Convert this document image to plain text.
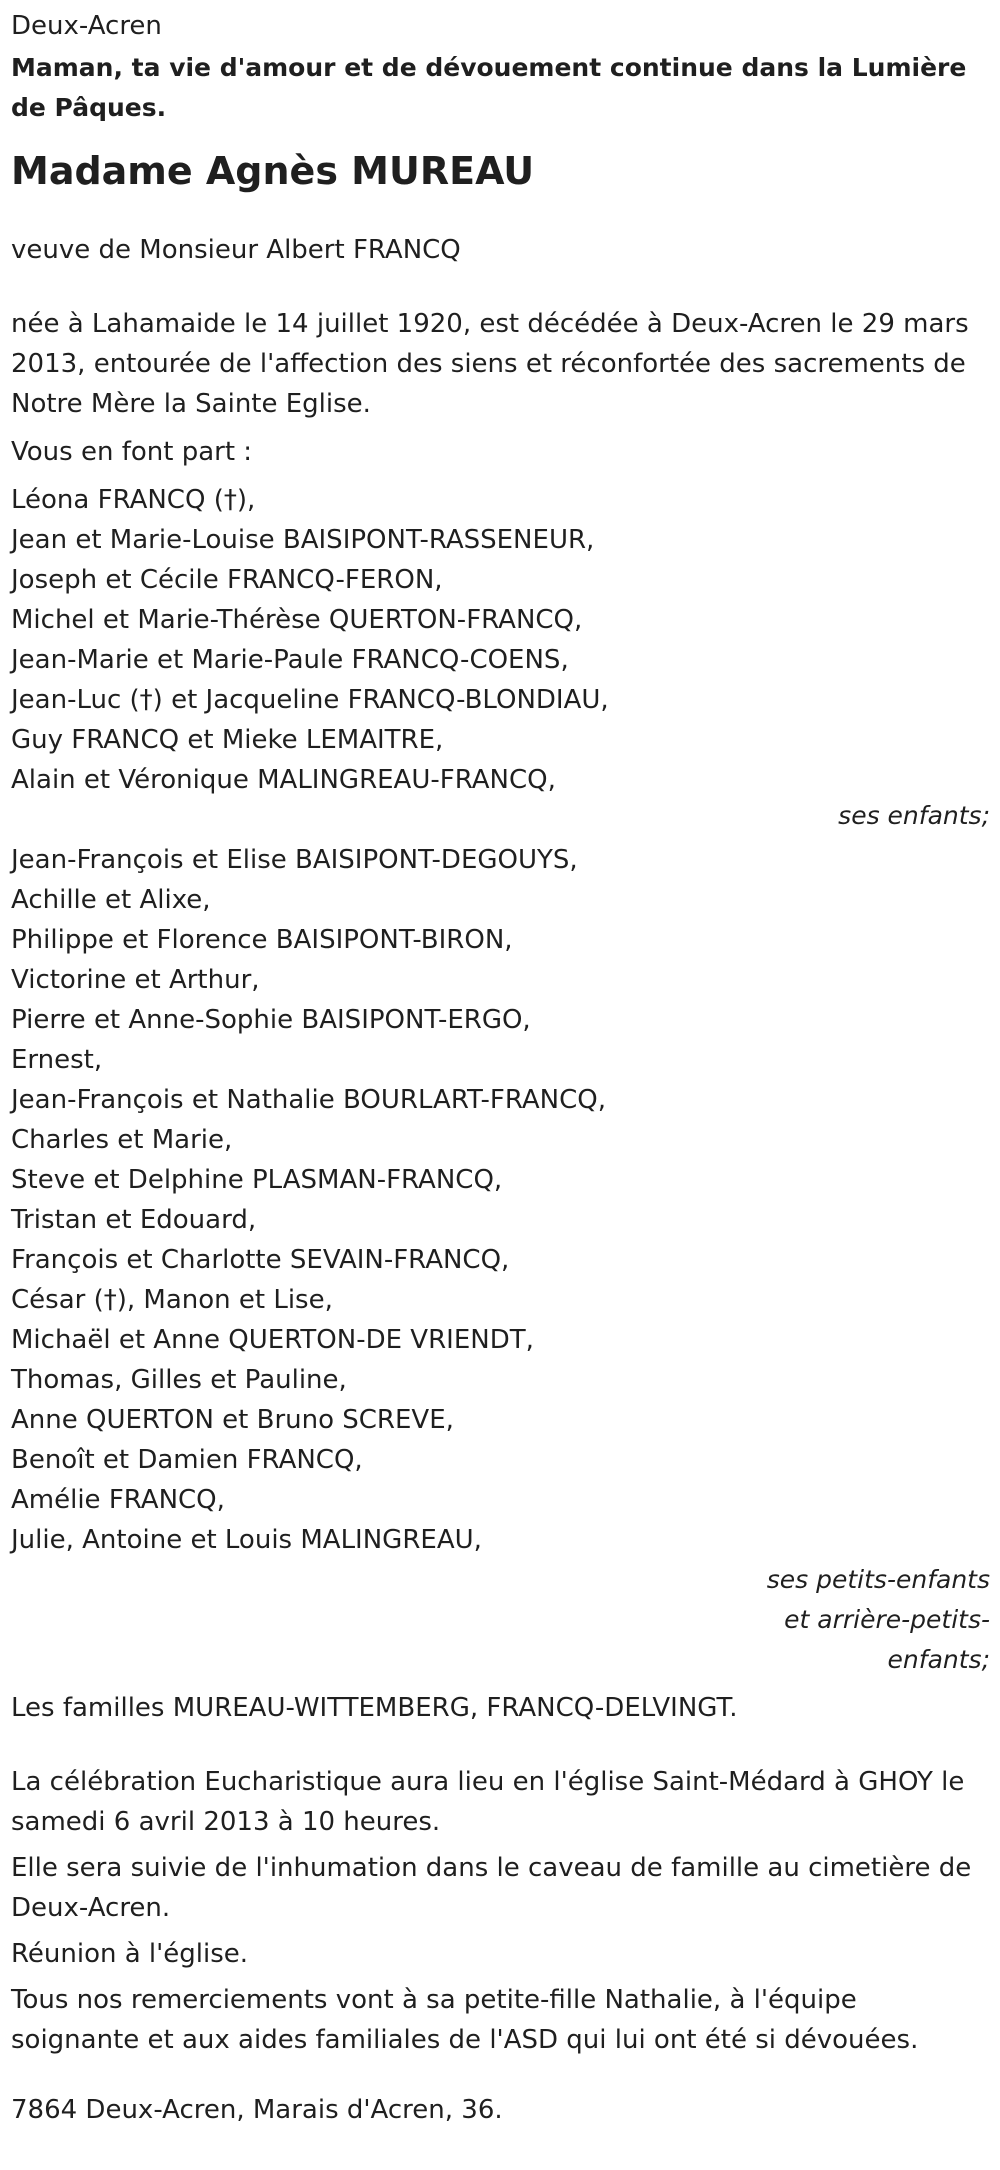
Deux-Acren

Maman, ta vie d'amour et de dévouement continue dans la Lumière de Pâques.

Madame Agnès MUREAU

veuve de Monsieur Albert FRANCQ

née à Lahamaide le 14 juillet 1920, est décédée à Deux-Acren le 29 mars 2013, entourée de l'affection des siens et réconfortée des sacrements de Notre Mère la Sainte Eglise.

Vous en font part :

Léona FRANCQ (†),
Jean et Marie-Louise BAISIPONT-RASSENEUR,
Joseph et Cécile FRANCQ-FERON,
Michel et Marie-Thérèse QUERTON-FRANCQ,
Jean-Marie et Marie-Paule FRANCQ-COENS,
Jean-Luc (†) et Jacqueline FRANCQ-BLONDIAU,
Guy FRANCQ et Mieke LEMAITRE,
Alain et Véronique MALINGREAU-FRANCQ,

ses enfants;

Jean-François et Elise BAISIPONT-DEGOUYS,
Achille et Alixe,
Philippe et Florence BAISIPONT-BIRON,
Victorine et Arthur,
Pierre et Anne-Sophie BAISIPONT-ERGO,
Ernest,
Jean-François et Nathalie BOURLART-FRANCQ,
Charles et Marie,
Steve et Delphine PLASMAN-FRANCQ,
Tristan et Edouard,
François et Charlotte SEVAIN-FRANCQ,
César (†), Manon et Lise,
Michaël et Anne QUERTON-DE VRIENDT,
Thomas, Gilles et Pauline,
Anne QUERTON et Bruno SCREVE,
Benoît et Damien FRANCQ,
Amélie FRANCQ,
Julie, Antoine et Louis MALINGREAU,
ses petits-enfants
et arrière-petits-
enfants;

Les familles MUREAU-WITTEMBERG, FRANCQ-DELVINGT.

La célébration Eucharistique aura lieu en l'église Saint-Médard à GHOY le samedi 6 avril 2013 à 10 heures.

Elle sera suivie de l'inhumation dans le caveau de famille au cimetière de Deux-Acren.

Réunion à l'église.

Tous nos remerciements vont à sa petite-fille Nathalie, à l'équipe soignante et aux aides familiales de l'ASD qui lui ont été si dévouées.

7864 Deux-Acren, Marais d'Acren, 36.
